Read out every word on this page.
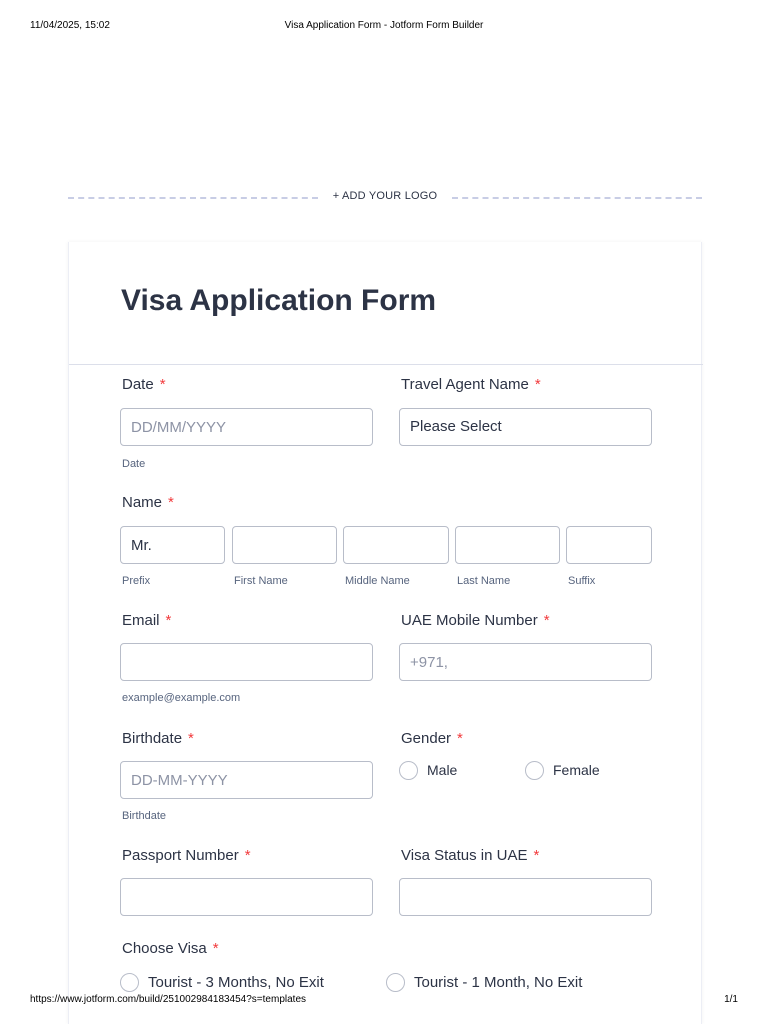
11/04/2025, 15:02	Visa Application Form - Jotform Form Builder
+ ADD YOUR LOGO
Visa Application Form
Date *
DD/MM/YYYY
Date
Travel Agent Name *
Please Select
Name *
Mr.
Prefix	First Name	Middle Name	Last Name	Suffix
Email *
example@example.com
UAE Mobile Number *
+971,
Birthdate *
DD-MM-YYYY
Birthdate
Gender *
Male	Female
Passport Number *	Visa Status in UAE *
Choose Visa *
Tourist - 3 Months, No Exit	Tourist - 1 Month, No Exit
https://www.jotform.com/build/251002984183454?s=templates	1/1
